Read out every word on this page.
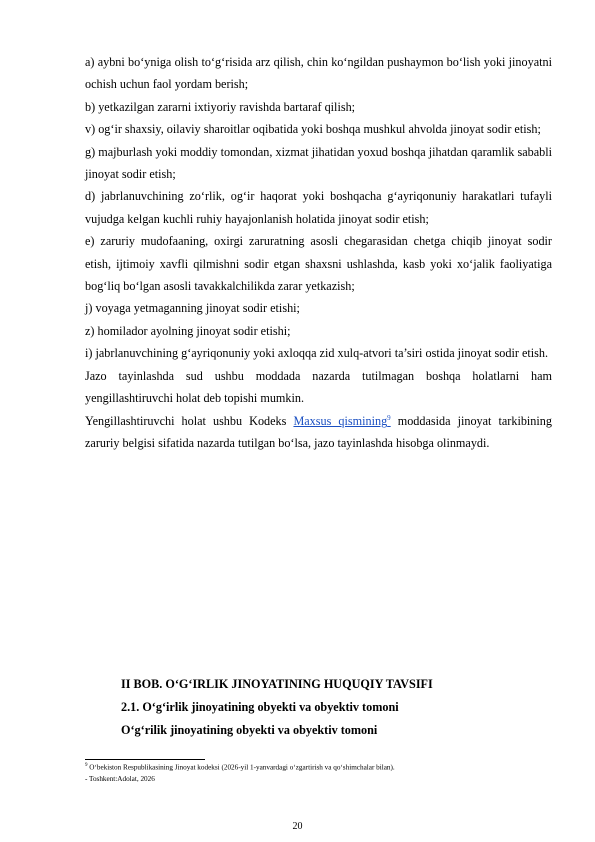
a) aybni bo‘yniga olish to‘g‘risida arz qilish, chin ko‘ngildan pushaymon bo‘lish yoki jinoyatni ochish uchun faol yordam berish;

b) yetkazilgan zararni ixtiyoriy ravishda bartaraf qilish;

v) og‘ir shaxsiy, oilaviy sharoitlar oqibatida yoki boshqa mushkul ahvolda jinoyat sodir etish;

g) majburlash yoki moddiy tomondan, xizmat jihatidan yoxud boshqa jihatdan qaramlik sababli jinoyat sodir etish;

d) jabrlanuvchining zo‘rlik, og‘ir haqorat yoki boshqacha g‘ayriqonuniy harakatlari tufayli vujudga kelgan kuchli ruhiy hayajonlanish holatida jinoyat sodir etish;

e) zaruriy mudofaaning, oxirgi zaruratning asosli chegarasidan chetga chiqib jinoyat sodir etish, ijtimoiy xavfli qilmishni sodir etgan shaxsni ushlashda, kasb yoki xo‘jalik faoliyatiga bog‘liq bo‘lgan asosli tavakkalchilikda zarar yetkazish;

j) voyaga yetmaganning jinoyat sodir etishi;

z) homilador ayolning jinoyat sodir etishi;

i) jabrlanuvchining g‘ayriqonuniy yoki axloqqa zid xulq-atvori ta’siri ostida jinoyat sodir etish.

Jazo tayinlashda sud ushbu moddada nazarda tutilmagan boshqa holatlarni ham yengillashtiruvchi holat deb topishi mumkin.

Yengillashtiruvchi holat ushbu Kodeks Maxsus qismining$^9$ moddasida jinoyat tarkibining zaruriy belgisi sifatida nazarda tutilgan bo‘lsa, jazo tayinlashda hisobga olinmaydi.

II BOB. O‘G‘IRLIK JINOYATINING HUQUQIY TAVSIFI
2.1. O‘g‘irlik jinoyatining obyekti va obyektiv tomoni
O‘g‘rilik jinoyatining obyekti va obyektiv tomoni
$^9$ O‘bekiston Respublikasining Jinoyat kodeksi (2026-yil 1-yanvardagi o‘zgartirish va qo‘shimchalar bilan).
- Toshkent:Adolat, 2026
20
